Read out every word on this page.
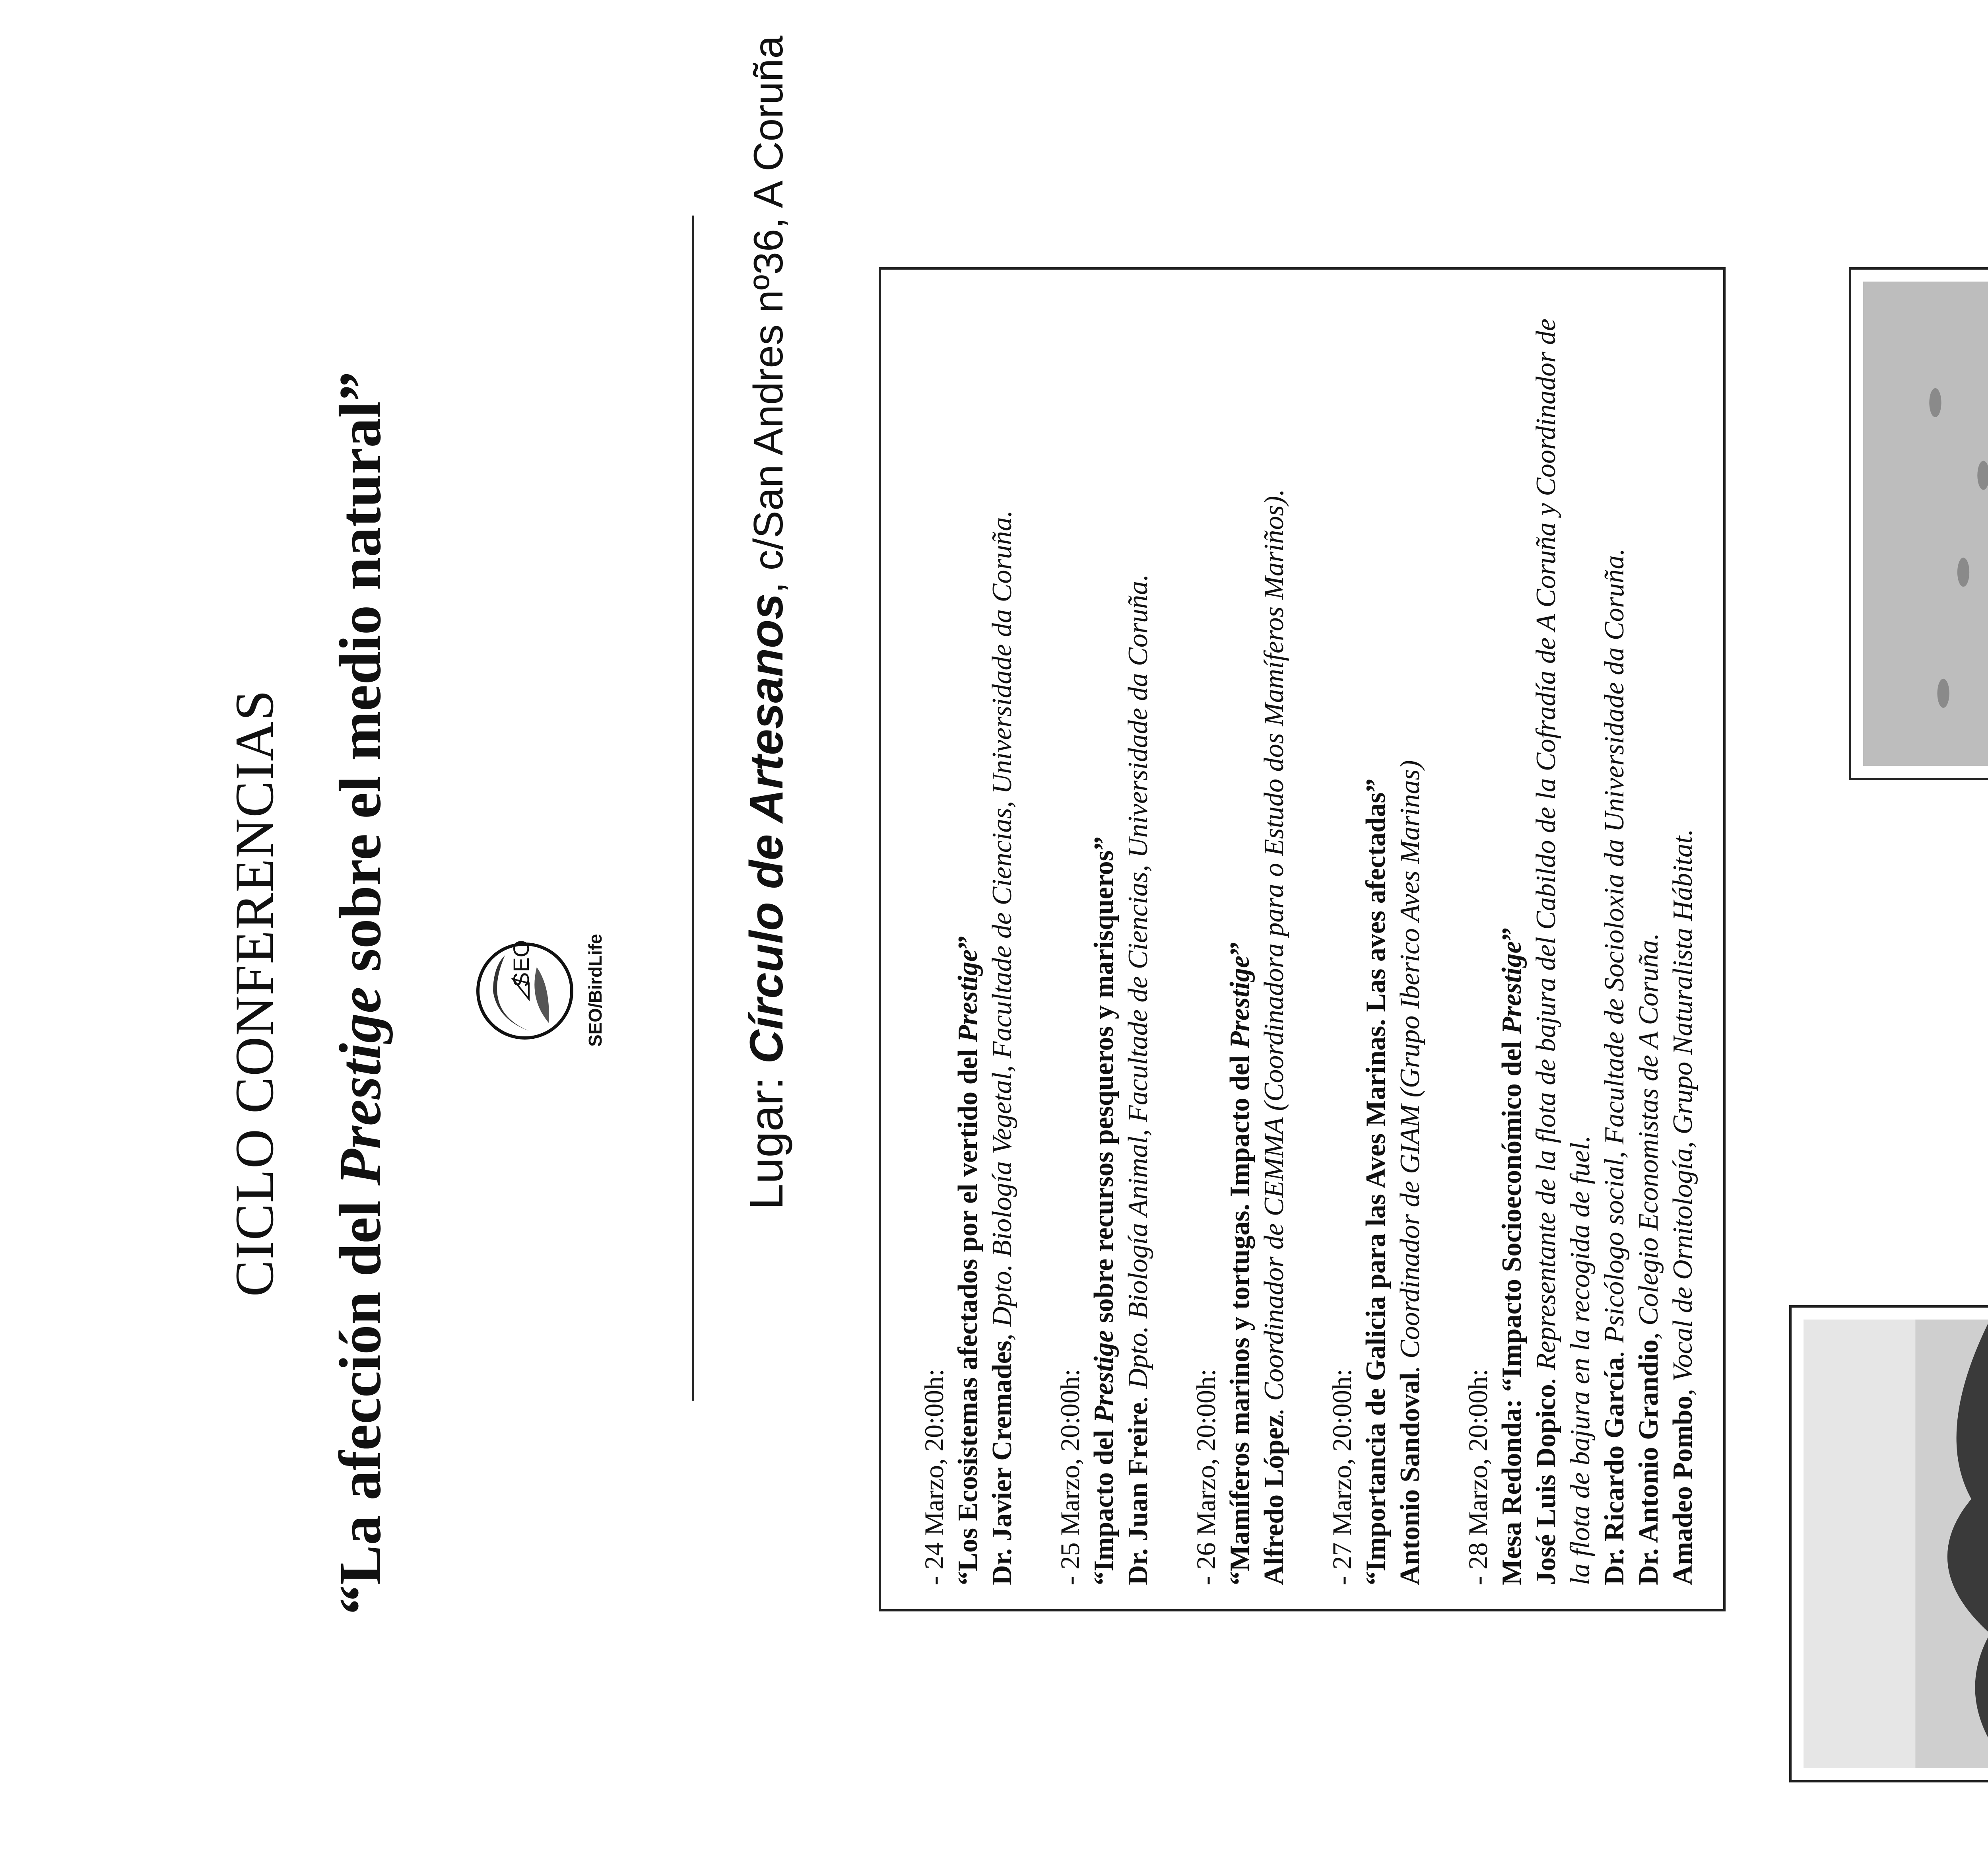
CICLO CONFERENCIAS
“La afección del Prestige sobre el medio natural”	SEO	SEO/BirdLife
Lugar: Círculo de Artesanos, c/San Andres nº36, A Coruña
- 24 Marzo, 20:00h: “Los Ecosistemas afectados por el vertido del Prestige”
Dr. Javier Cremades, Dpto. Biología Vegetal, Facultade de Ciencias, Universidade da Coruña.
- 25 Marzo, 20:00h: “Impacto del Prestige sobre recursos pesqueros y marisqueros”
Dr. Juan Freire. Dpto. Biología Animal, Facultade de Ciencias, Universidade da Coruña.
- 26 Marzo, 20:00h: “Mamíferos marinos y tortugas. Impacto del Prestige”
Alfredo López. Coordinador de CEMMA (Coordinadora para o Estudo dos Mamíferos Mariños).
- 27 Marzo, 20:00h: “Importancia de Galicia para las Aves Marinas. Las aves afectadas” Antonio Sandoval. Coordinador de GIAM (Grupo Iberico Aves Marinas)
- 28 Marzo, 20:00h: Mesa Redonda: “Impacto Socioeconómico del Prestige”
José Luis Dopico. Representante de la flota de bajura del Cabildo de la Cofradía de A Coruña y Coordinador de la flota de bajura en la recogida de fuel. Dr. Ricardo García. Psicólogo social, Facultade de Socioloxia da Universidade da Coruña.
Dr. Antonio Grandio, Colegio Economistas de A Coruña.
Amadeo Pombo, Vocal de Ornitología, Grupo Naturalista Hábitat.
